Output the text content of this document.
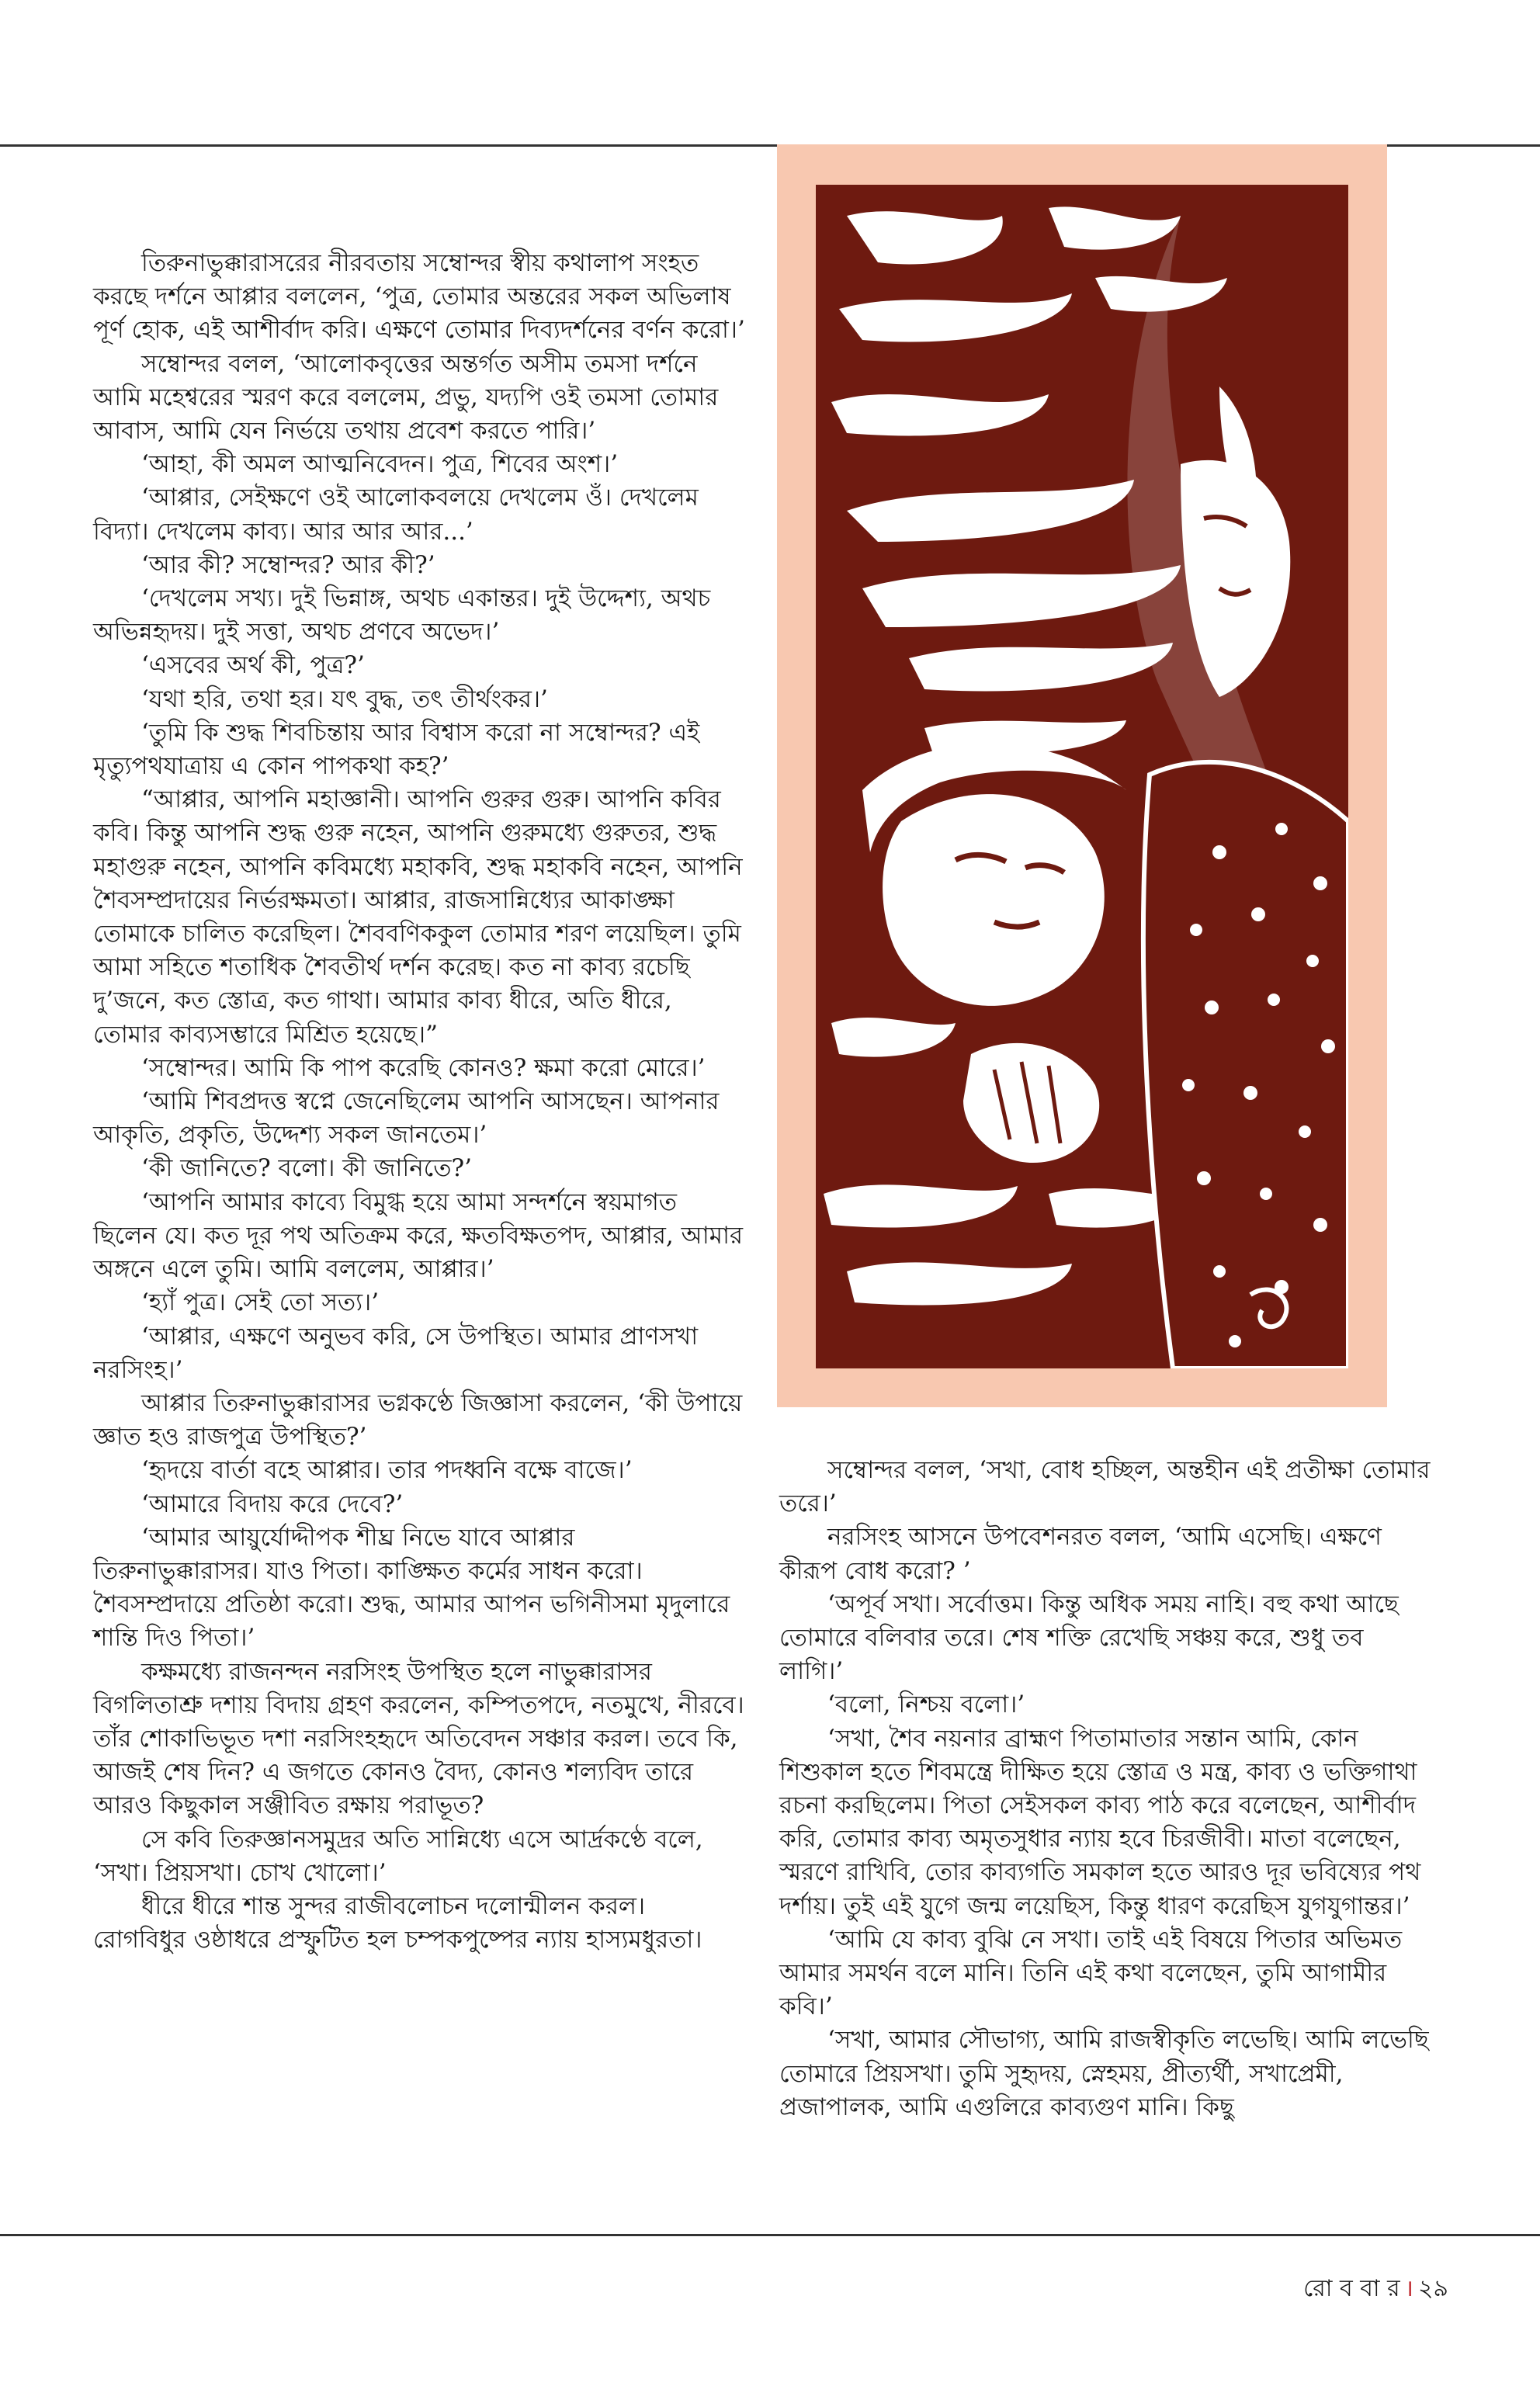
তিরুনাভুক্কারাসরের নীরবতায় সম্বোন্দর স্বীয় কথালাপ সংহত করছে দর্শনে আপ্পার বললেন, ‘পুত্র, তোমার অন্তরের সকল অভিলাষ পূর্ণ হোক, এই আশীর্বাদ করি। এক্ষণে তোমার দিব্যদর্শনের বর্ণন করো।’

সম্বোন্দর বলল, ‘আলোকবৃত্তের অন্তর্গত অসীম তমসা দর্শনে আমি মহেশ্বরের স্মরণ করে বললেম, প্রভু, যদ্যপি ওই তমসা তোমার আবাস, আমি যেন নির্ভয়ে তথায় প্রবেশ করতে পারি।’

‘আহা, কী অমল আত্মনিবেদন। পুত্র, শিবের অংশ।’

‘আপ্পার, সেইক্ষণে ওই আলোকবলয়ে দেখলেম ওঁ। দেখলেম বিদ্যা। দেখলেম কাব্য। আর আর আর...’

‘আর কী? সম্বোন্দর? আর কী?’

‘দেখলেম সখ্য। দুই ভিন্নাঙ্গ, অথচ একান্তর। দুই উদ্দেশ্য, অথচ অভিন্নহৃদয়। দুই সত্তা, অথচ প্রণবে অভেদ।’

‘এসবের অর্থ কী, পুত্র?’

‘যথা হরি, তথা হর। যৎ বুদ্ধ, তৎ তীর্থংকর।’

‘তুমি কি শুদ্ধ শিবচিন্তায় আর বিশ্বাস করো না সম্বোন্দর? এই মৃত্যুপথযাত্রায় এ কোন পাপকথা কহ?’

“আপ্পার, আপনি মহাজ্ঞানী। আপনি গুরুর গুরু। আপনি কবির কবি। কিন্তু আপনি শুদ্ধ গুরু নহেন, আপনি গুরুমধ্যে গুরুতর, শুদ্ধ মহাগুরু নহেন, আপনি কবিমধ্যে মহাকবি, শুদ্ধ মহাকবি নহেন, আপনি শৈবসম্প্রদায়ের নির্ভরক্ষমতা। আপ্পার, রাজসান্নিধ্যের আকাঙ্ক্ষা তোমাকে চালিত করেছিল। শৈববণিককুল তোমার শরণ লয়েছিল। তুমি আমা সহিতে শতাধিক শৈবতীর্থ দর্শন করেছ। কত না কাব্য রচেছি দু’জনে, কত স্তোত্র, কত গাথা। আমার কাব্য ধীরে, অতি ধীরে, তোমার কাব্যসম্ভারে মিশ্রিত হয়েছে।”

‘সম্বোন্দর। আমি কি পাপ করেছি কোনও? ক্ষমা করো মোরে।’

‘আমি শিবপ্রদত্ত স্বপ্নে জেনেছিলেম আপনি আসছেন। আপনার আকৃতি, প্রকৃতি, উদ্দেশ্য সকল জানতেম।’

‘কী জানিতে? বলো। কী জানিতে?’

‘আপনি আমার কাব্যে বিমুগ্ধ হয়ে আমা সন্দর্শনে স্বয়মাগত ছিলেন যে। কত দূর পথ অতিক্রম করে, ক্ষতবিক্ষতপদ, আপ্পার, আমার অঙ্গনে এলে তুমি। আমি বললেম, আপ্পার।’

‘হ্যাঁ পুত্র। সেই তো সত্য।’

‘আপ্পার, এক্ষণে অনুভব করি, সে উপস্থিত। আমার প্রাণসখা নরসিংহ।’

আপ্পার তিরুনাভুক্কারাসর ভগ্নকণ্ঠে জিজ্ঞাসা করলেন, ‘কী উপায়ে জ্ঞাত হও রাজপুত্র উপস্থিত?’

‘হৃদয়ে বার্তা বহে আপ্পার। তার পদধ্বনি বক্ষে বাজে।’

‘আমারে বিদায় করে দেবে?’

‘আমার আয়ুর্যোদ্দীপক শীঘ্র নিভে যাবে আপ্পার তিরুনাভুক্কারাসর। যাও পিতা। কাঙ্ক্ষিত কর্মের সাধন করো। শৈবসম্প্রদায়ে প্রতিষ্ঠা করো। শুদ্ধ, আমার আপন ভগিনীসমা মৃদুলারে শান্তি দিও পিতা।’

কক্ষমধ্যে রাজনন্দন নরসিংহ উপস্থিত হলে নাভুক্কারাসর বিগলিতাশ্রু দশায় বিদায় গ্রহণ করলেন, কম্পিতপদে, নতমুখে, নীরবে। তাঁর শোকাভিভূত দশা নরসিংহহৃদে অতিবেদন সঞ্চার করল। তবে কি, আজই শেষ দিন? এ জগতে কোনও বৈদ্য, কোনও শল্যবিদ তারে আরও কিছুকাল সঞ্জীবিত রক্ষায় পরাভূত?

সে কবি তিরুজ্ঞানসমুদ্রর অতি সান্নিধ্যে এসে আর্দ্রকণ্ঠে বলে, ‘সখা। প্রিয়সখা। চোখ খোলো।’

ধীরে ধীরে শান্ত সুন্দর রাজীবলোচন দলোন্মীলন করল। রোগবিধুর ওষ্ঠাধরে প্রস্ফুটিত হল চম্পকপুষ্পের ন্যায় হাস্যমধুরতা।

সম্বোন্দর বলল, ‘সখা, বোধ হচ্ছিল, অন্তহীন এই প্রতীক্ষা তোমার তরে।’

নরসিংহ আসনে উপবেশনরত বলল, ‘আমি এসেছি। এক্ষণে কীরূপ বোধ করো? ’

‘অপূর্ব সখা। সর্বোত্তম। কিন্তু অধিক সময় নাহি। বহু কথা আছে তোমারে বলিবার তরে। শেষ শক্তি রেখেছি সঞ্চয় করে, শুধু তব লাগি।’

‘বলো, নিশ্চয় বলো।’

‘সখা, শৈব নয়নার ব্রাহ্মণ পিতামাতার সন্তান আমি, কোন শিশুকাল হতে শিবমন্ত্রে দীক্ষিত হয়ে স্তোত্র ও মন্ত্র, কাব্য ও ভক্তিগাথা রচনা করছিলেম। পিতা সেইসকল কাব্য পাঠ করে বলেছেন, আশীর্বাদ করি, তোমার কাব্য অমৃতসুধার ন্যায় হবে চিরজীবী। মাতা বলেছেন, স্মরণে রাখিবি, তোর কাব্যগতি সমকাল হতে আরও দূর ভবিষ্যের পথ দর্শায়। তুই এই যুগে জন্ম লয়েছিস, কিন্তু ধারণ করেছিস যুগযুগান্তর।’

‘আমি যে কাব্য বুঝি নে সখা। তাই এই বিষয়ে পিতার অভিমত আমার সমর্থন বলে মানি। তিনি এই কথা বলেছেন, তুমি আগামীর কবি।’

‘সখা, আমার সৌভাগ্য, আমি রাজস্বীকৃতি লভেছি। আমি লভেছি তোমারে প্রিয়সখা। তুমি সুহৃদয়, স্নেহময়, প্রীত্যর্থী, সখাপ্রেমী, প্রজাপালক, আমি এগুলিরে কাব্যগুণ মানি। কিছু

রো ব বা র । ২৯
